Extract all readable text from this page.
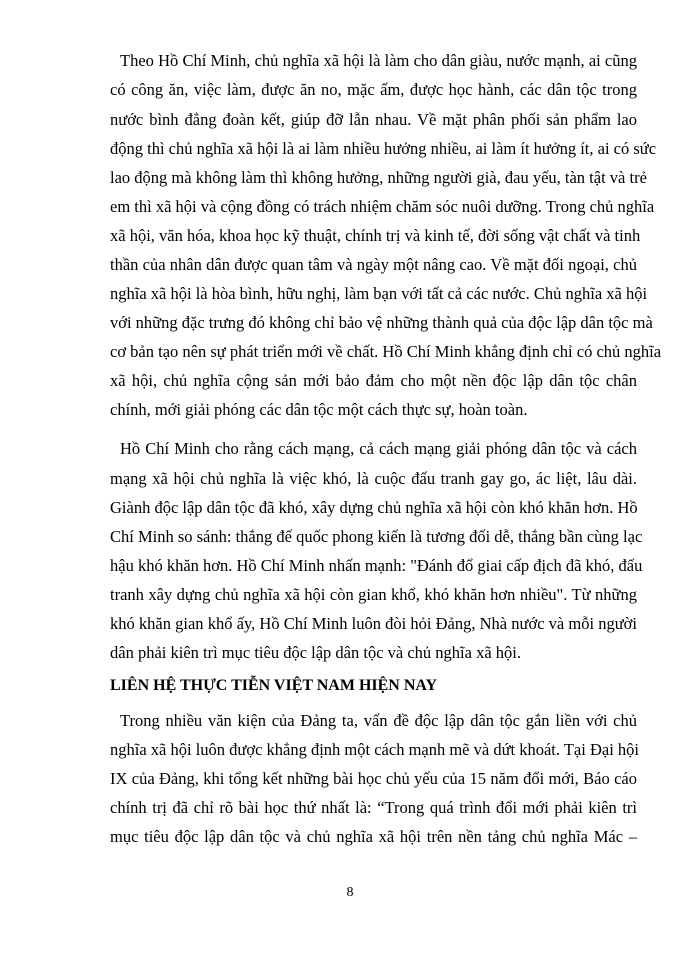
Theo Hồ Chí Minh, chủ nghĩa xã hội là làm cho dân giàu, nước mạnh, ai cũng
có công ăn, việc làm, được ăn no, mặc ấm, được học hành, các dân tộc trong
nước bình đẳng đoàn kết, giúp đỡ lẫn nhau. Về mặt phân phối sản phẩm lao
động thì chủ nghĩa xã hội là ai làm nhiều hưởng nhiều, ai làm ít hưởng ít, ai có sức
lao động mà không làm thì không hưởng, những người già, đau yếu, tàn tật và trẻ
em thì xã hội và cộng đồng có trách nhiệm chăm sóc nuôi dưỡng. Trong chủ nghĩa
xã hội, văn hóa, khoa học kỹ thuật, chính trị và kinh tế, đời sống vật chất và tinh
thần của nhân dân được quan tâm và ngày một nâng cao. Về mặt đối ngoại, chủ
nghĩa xã hội là hòa bình, hữu nghị, làm bạn với tất cả các nước. Chủ nghĩa xã hội
với những đặc trưng đó không chỉ bảo vệ những thành quả của độc lập dân tộc mà
cơ bản tạo nên sự phát triển mới về chất. Hồ Chí Minh khẳng định chỉ có chủ nghĩa
xã hội, chủ nghĩa cộng sản mới bảo đảm cho một nền độc lập dân tộc chân
chính, mới giải phóng các dân tộc một cách thực sự, hoàn toàn.
Hồ Chí Minh cho rằng cách mạng, cả cách mạng giải phóng dân tộc và cách
mạng xã hội chủ nghĩa là việc khó, là cuộc đấu tranh gay go, ác liệt, lâu dài.
Giành độc lập dân tộc đã khó, xây dựng chủ nghĩa xã hội còn khó khăn hơn. Hồ
Chí Minh so sánh: thắng đế quốc phong kiến là tương đối dễ, thắng bần cùng lạc
hậu khó khăn hơn. Hồ Chí Minh nhấn mạnh: "Đánh đổ giai cấp địch đã khó, đấu
tranh xây dựng chủ nghĩa xã hội còn gian khổ, khó khăn hơn nhiều". Từ những
khó khăn gian khổ ấy, Hồ Chí Minh luôn đòi hỏi Đảng, Nhà nước và mỗi người
dân phải kiên trì mục tiêu độc lập dân tộc và chủ nghĩa xã hội.
LIÊN HỆ THỰC TIỄN VIỆT NAM HIỆN NAY
Trong nhiều văn kiện của Đảng ta, vấn đề độc lập dân tộc gắn liền với chủ
nghĩa xã hội luôn được khẳng định một cách mạnh mẽ và dứt khoát. Tại Đại hội
IX của Đảng, khi tổng kết những bài học chủ yếu của 15 năm đổi mới, Báo cáo
chính trị đã chỉ rõ bài học thứ nhất là: “Trong quá trình đổi mới phải kiên trì
mục tiêu độc lập dân tộc và chủ nghĩa xã hội trên nền tảng chủ nghĩa Mác –
8
